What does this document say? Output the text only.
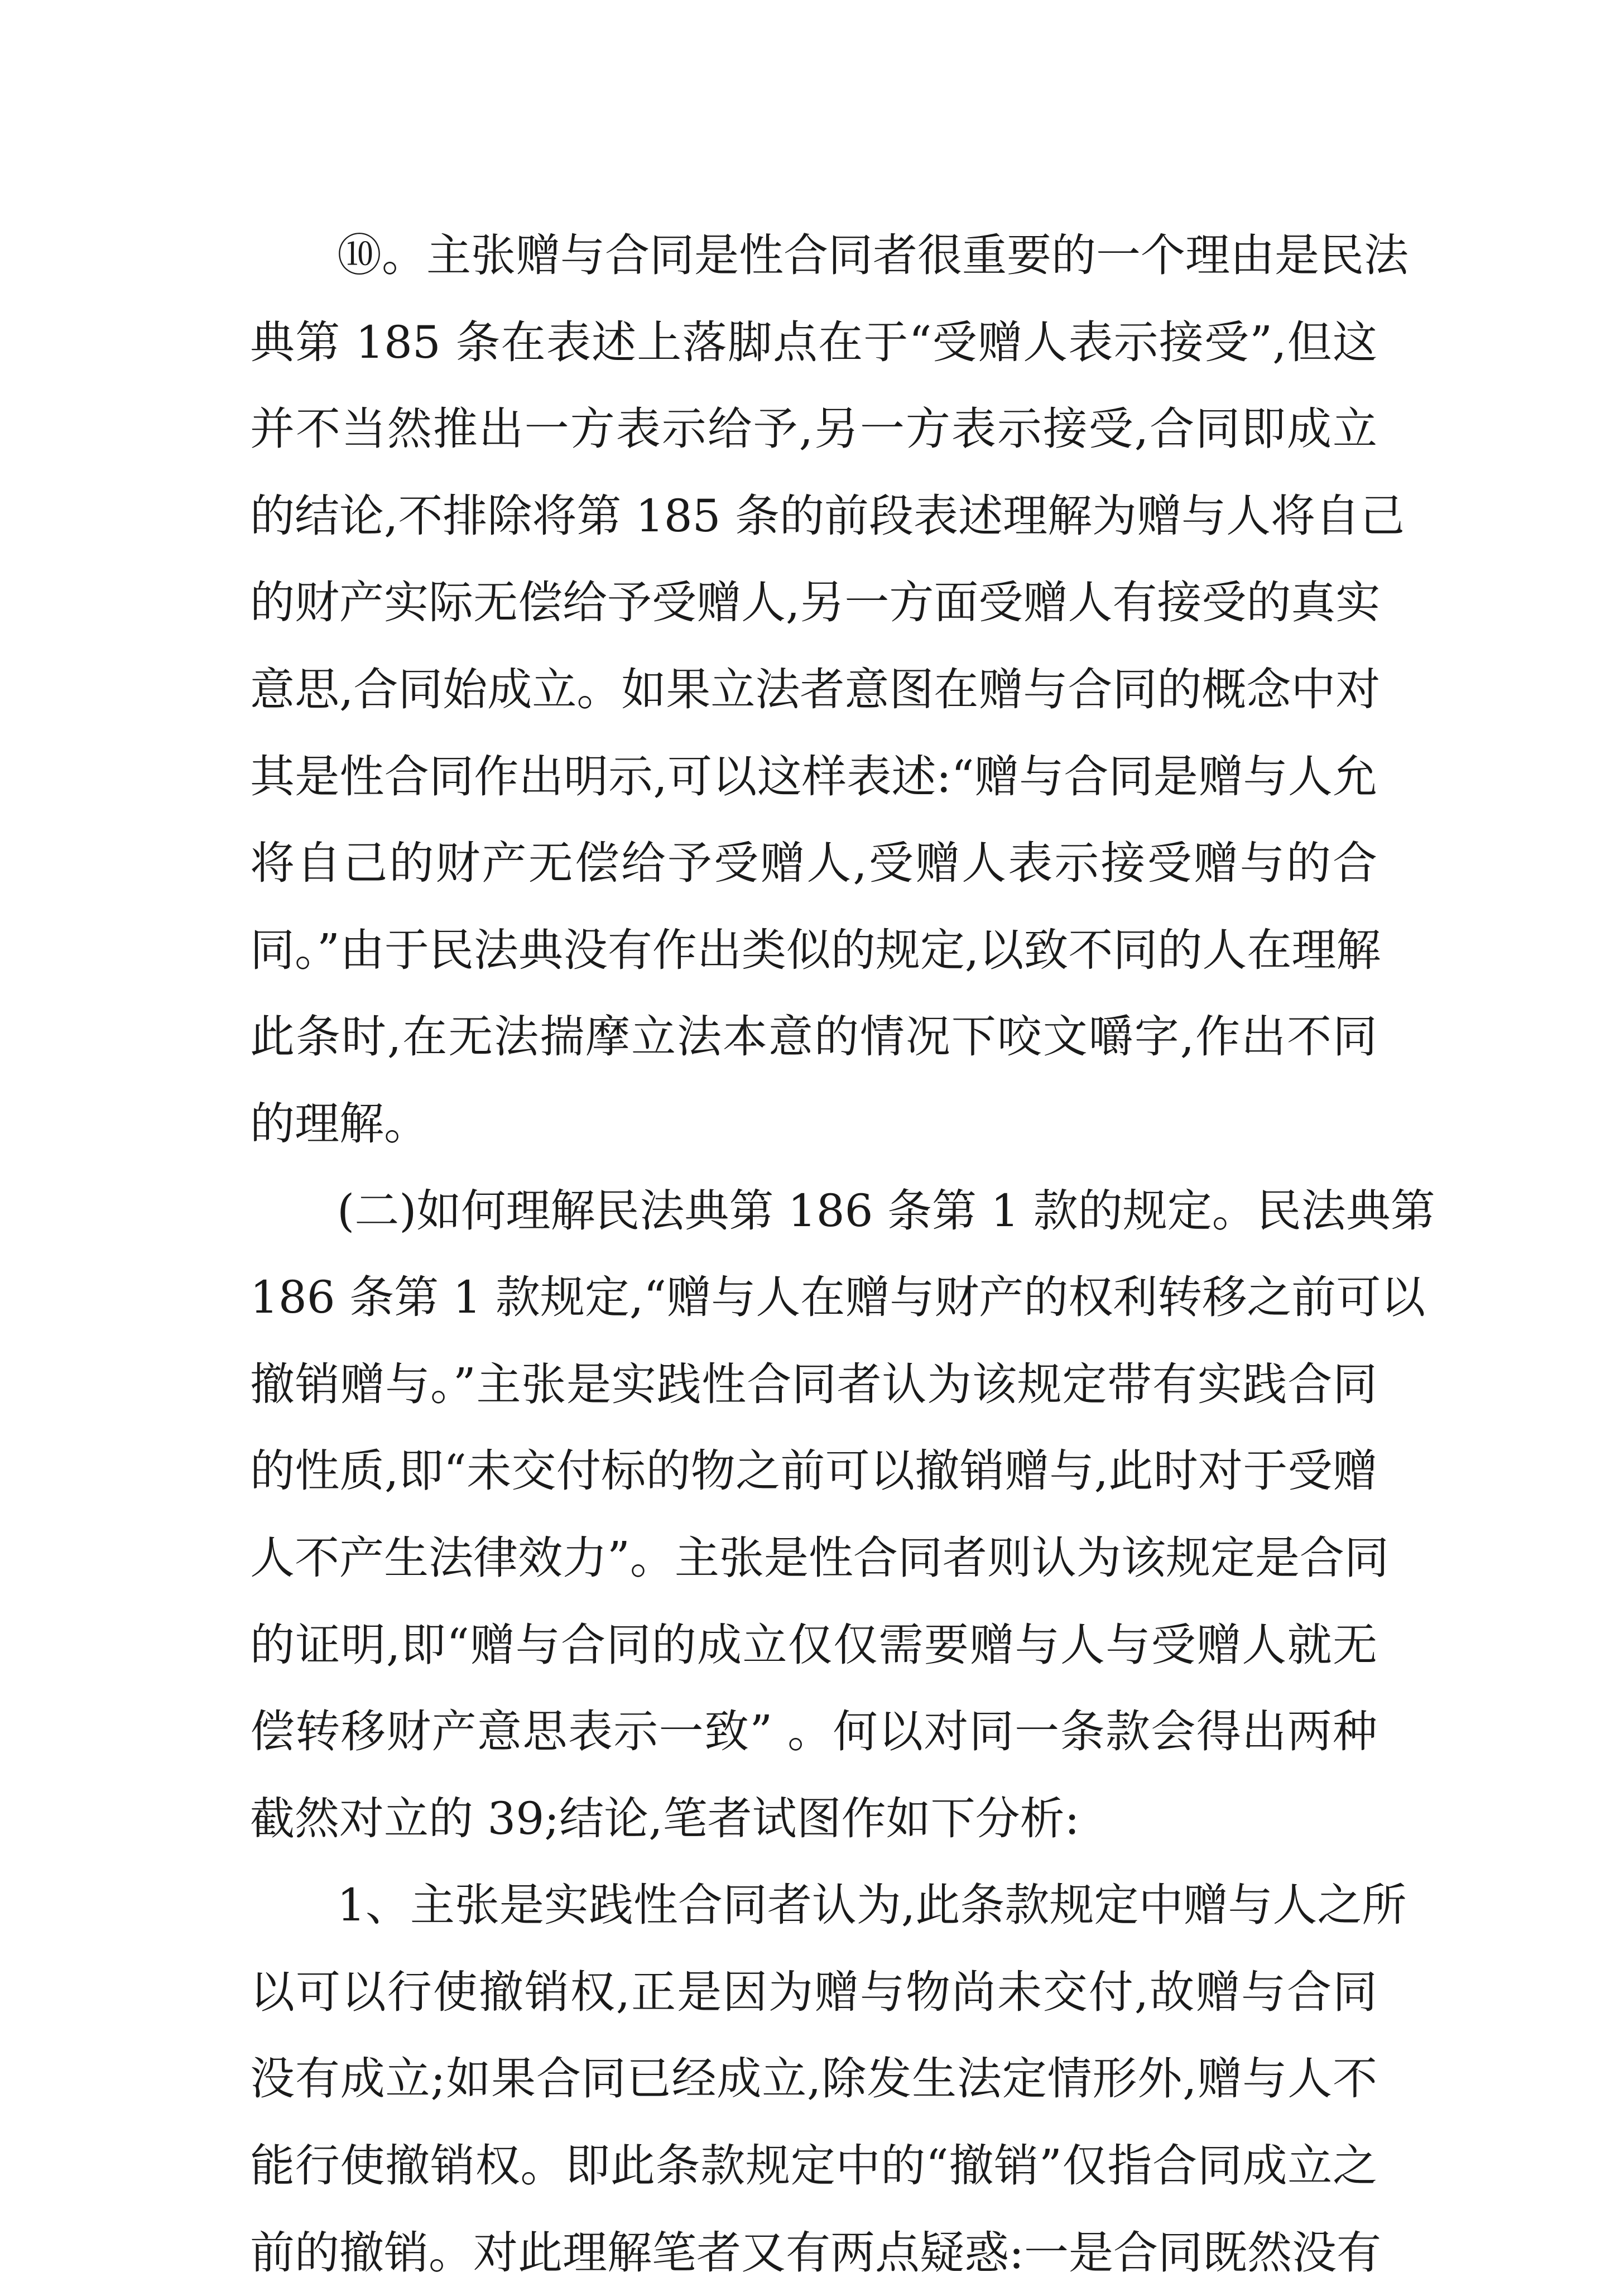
⑩。主张赠与合同是性合同者很重要的一个理由是民法
典第 185 条在表述上落脚点在于“受赠人表示接受”,但这
并不当然推出一方表示给予,另一方表示接受,合同即成立
的结论,不排除将第 185 条的前段表述理解为赠与人将自己
的财产实际无偿给予受赠人,另一方面受赠人有接受的真实
意思,合同始成立。如果立法者意图在赠与合同的概念中对
其是性合同作出明示,可以这样表述:“赠与合同是赠与人允
将自己的财产无偿给予受赠人,受赠人表示接受赠与的合
同。”由于民法典没有作出类似的规定,以致不同的人在理解
此条时,在无法揣摩立法本意的情况下咬文嚼字,作出不同
的理解。
(二)如何理解民法典第 186 条第 1 款的规定。民法典第
186 条第 1 款规定,“赠与人在赠与财产的权利转移之前可以
撤销赠与。”主张是实践性合同者认为该规定带有实践合同
的性质,即“未交付标的物之前可以撤销赠与,此时对于受赠
人不产生法律效力”。主张是性合同者则认为该规定是合同
的证明,即“赠与合同的成立仅仅需要赠与人与受赠人就无
偿转移财产意思表示一致” 。何以对同一条款会得出两种
截然对立的 39;结论,笔者试图作如下分析:
1、主张是实践性合同者认为,此条款规定中赠与人之所
以可以行使撤销权,正是因为赠与物尚未交付,故赠与合同
没有成立;如果合同已经成立,除发生法定情形外,赠与人不
能行使撤销权。即此条款规定中的“撤销”仅指合同成立之
前的撤销。对此理解笔者又有两点疑惑:一是合同既然没有
